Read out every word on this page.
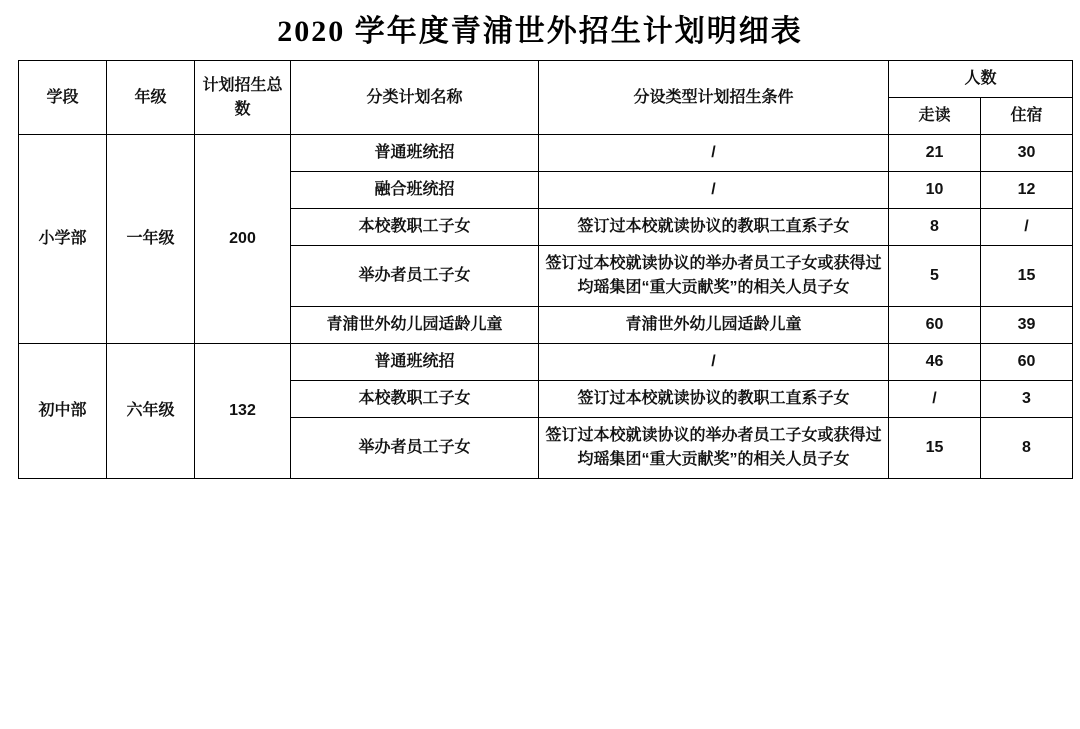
2020 学年度青浦世外招生计划明细表
学段	年级	计划招生总数	分类计划名称	分设类型计划招生条件	人数	
					走读	住宿
小学部	一年级	200	普通班统招	/	21	30
			融合班统招	/	10	12
			本校教职工子女	签订过本校就读协议的教职工直系子女	8	/
			举办者员工子女	签订过本校就读协议的举办者员工子女或获得过均瑶集团“重大贡献奖”的相关人员子女	5	15
			青浦世外幼儿园适龄儿童	青浦世外幼儿园适龄儿童	60	39
初中部	六年级	132	普通班统招	/	46	60
			本校教职工子女	签订过本校就读协议的教职工直系子女	/	3
			举办者员工子女	签订过本校就读协议的举办者员工子女或获得过均瑶集团“重大贡献奖”的相关人员子女	15	8
